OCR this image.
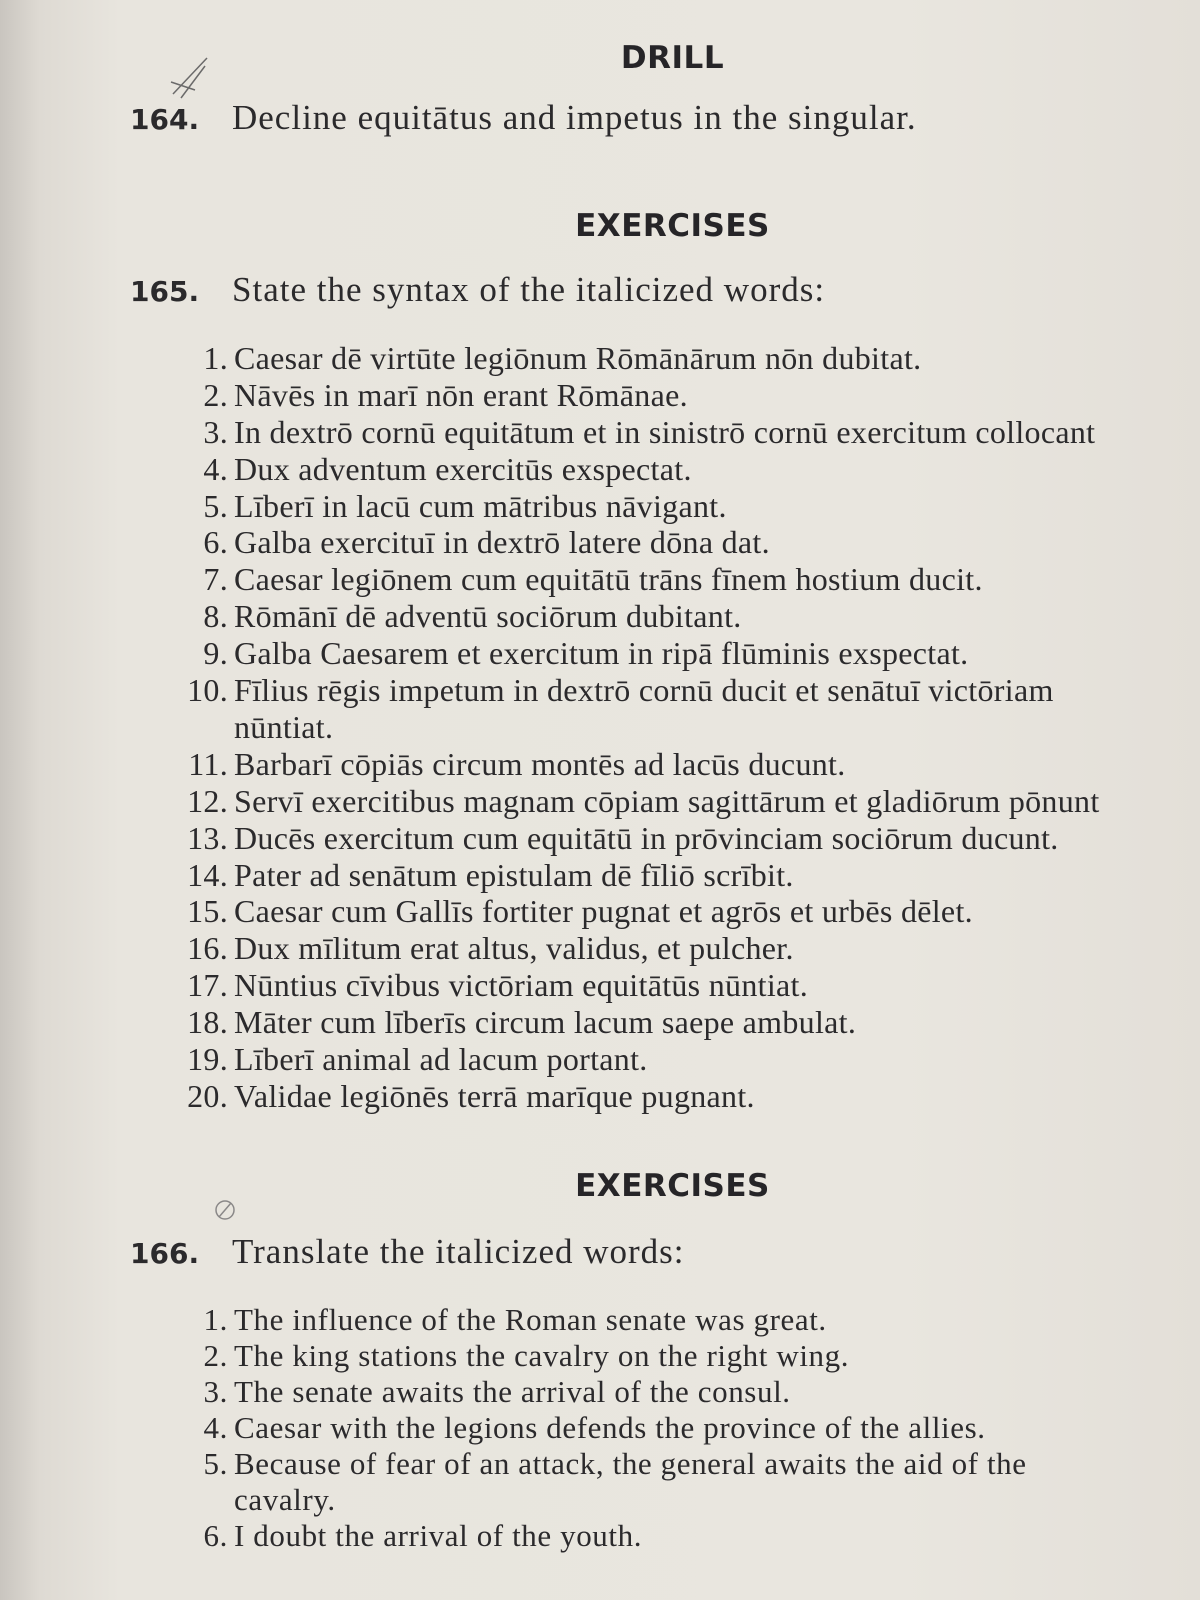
DRILL
164. Decline equitātus and impetus in the singular.
EXERCISES
165. State the syntax of the italicized words:
1. Caesar dē virtūte legiōnum Rōmānārum nōn dubitat.
2. Nāvēs in marī nōn erant Rōmānae.
3. In dextrō cornū equitātum et in sinistrō cornū exercitum collocant
4. Dux adventum exercitūs exspectat.
5. Līberī in lacū cum mātribus nāvigant.
6. Galba exercituī in dextrō latere dōna dat.
7. Caesar legiōnem cum equitātū trāns fīnem hostium ducit.
8. Rōmānī dē adventū sociōrum dubitant.
9. Galba Caesarem et exercitum in ripā flūminis exspectat.
10. Fīlius rēgis impetum in dextrō cornū ducit et senātuī victōriam
nūntiat.
11. Barbarī cōpiās circum montēs ad lacūs ducunt.
12. Servī exercitibus magnam cōpiam sagittārum et gladiōrum pōnunt
13. Ducēs exercitum cum equitātū in prōvinciam sociōrum ducunt.
14. Pater ad senātum epistulam dē fīliō scrībit.
15. Caesar cum Gallīs fortiter pugnat et agrōs et urbēs dēlet.
16. Dux mīlitum erat altus, validus, et pulcher.
17. Nūntius cīvibus victōriam equitātūs nūntiat.
18. Māter cum līberīs circum lacum saepe ambulat.
19. Līberī animal ad lacum portant.
20. Validae legiōnēs terrā marīque pugnant.
EXERCISES
166. Translate the italicized words:
1. The influence of the Roman senate was great.
2. The king stations the cavalry on the right wing.
3. The senate awaits the arrival of the consul.
4. Caesar with the legions defends the province of the allies.
5. Because of fear of an attack, the general awaits the aid of the
cavalry.
6. I doubt the arrival of the youth.
